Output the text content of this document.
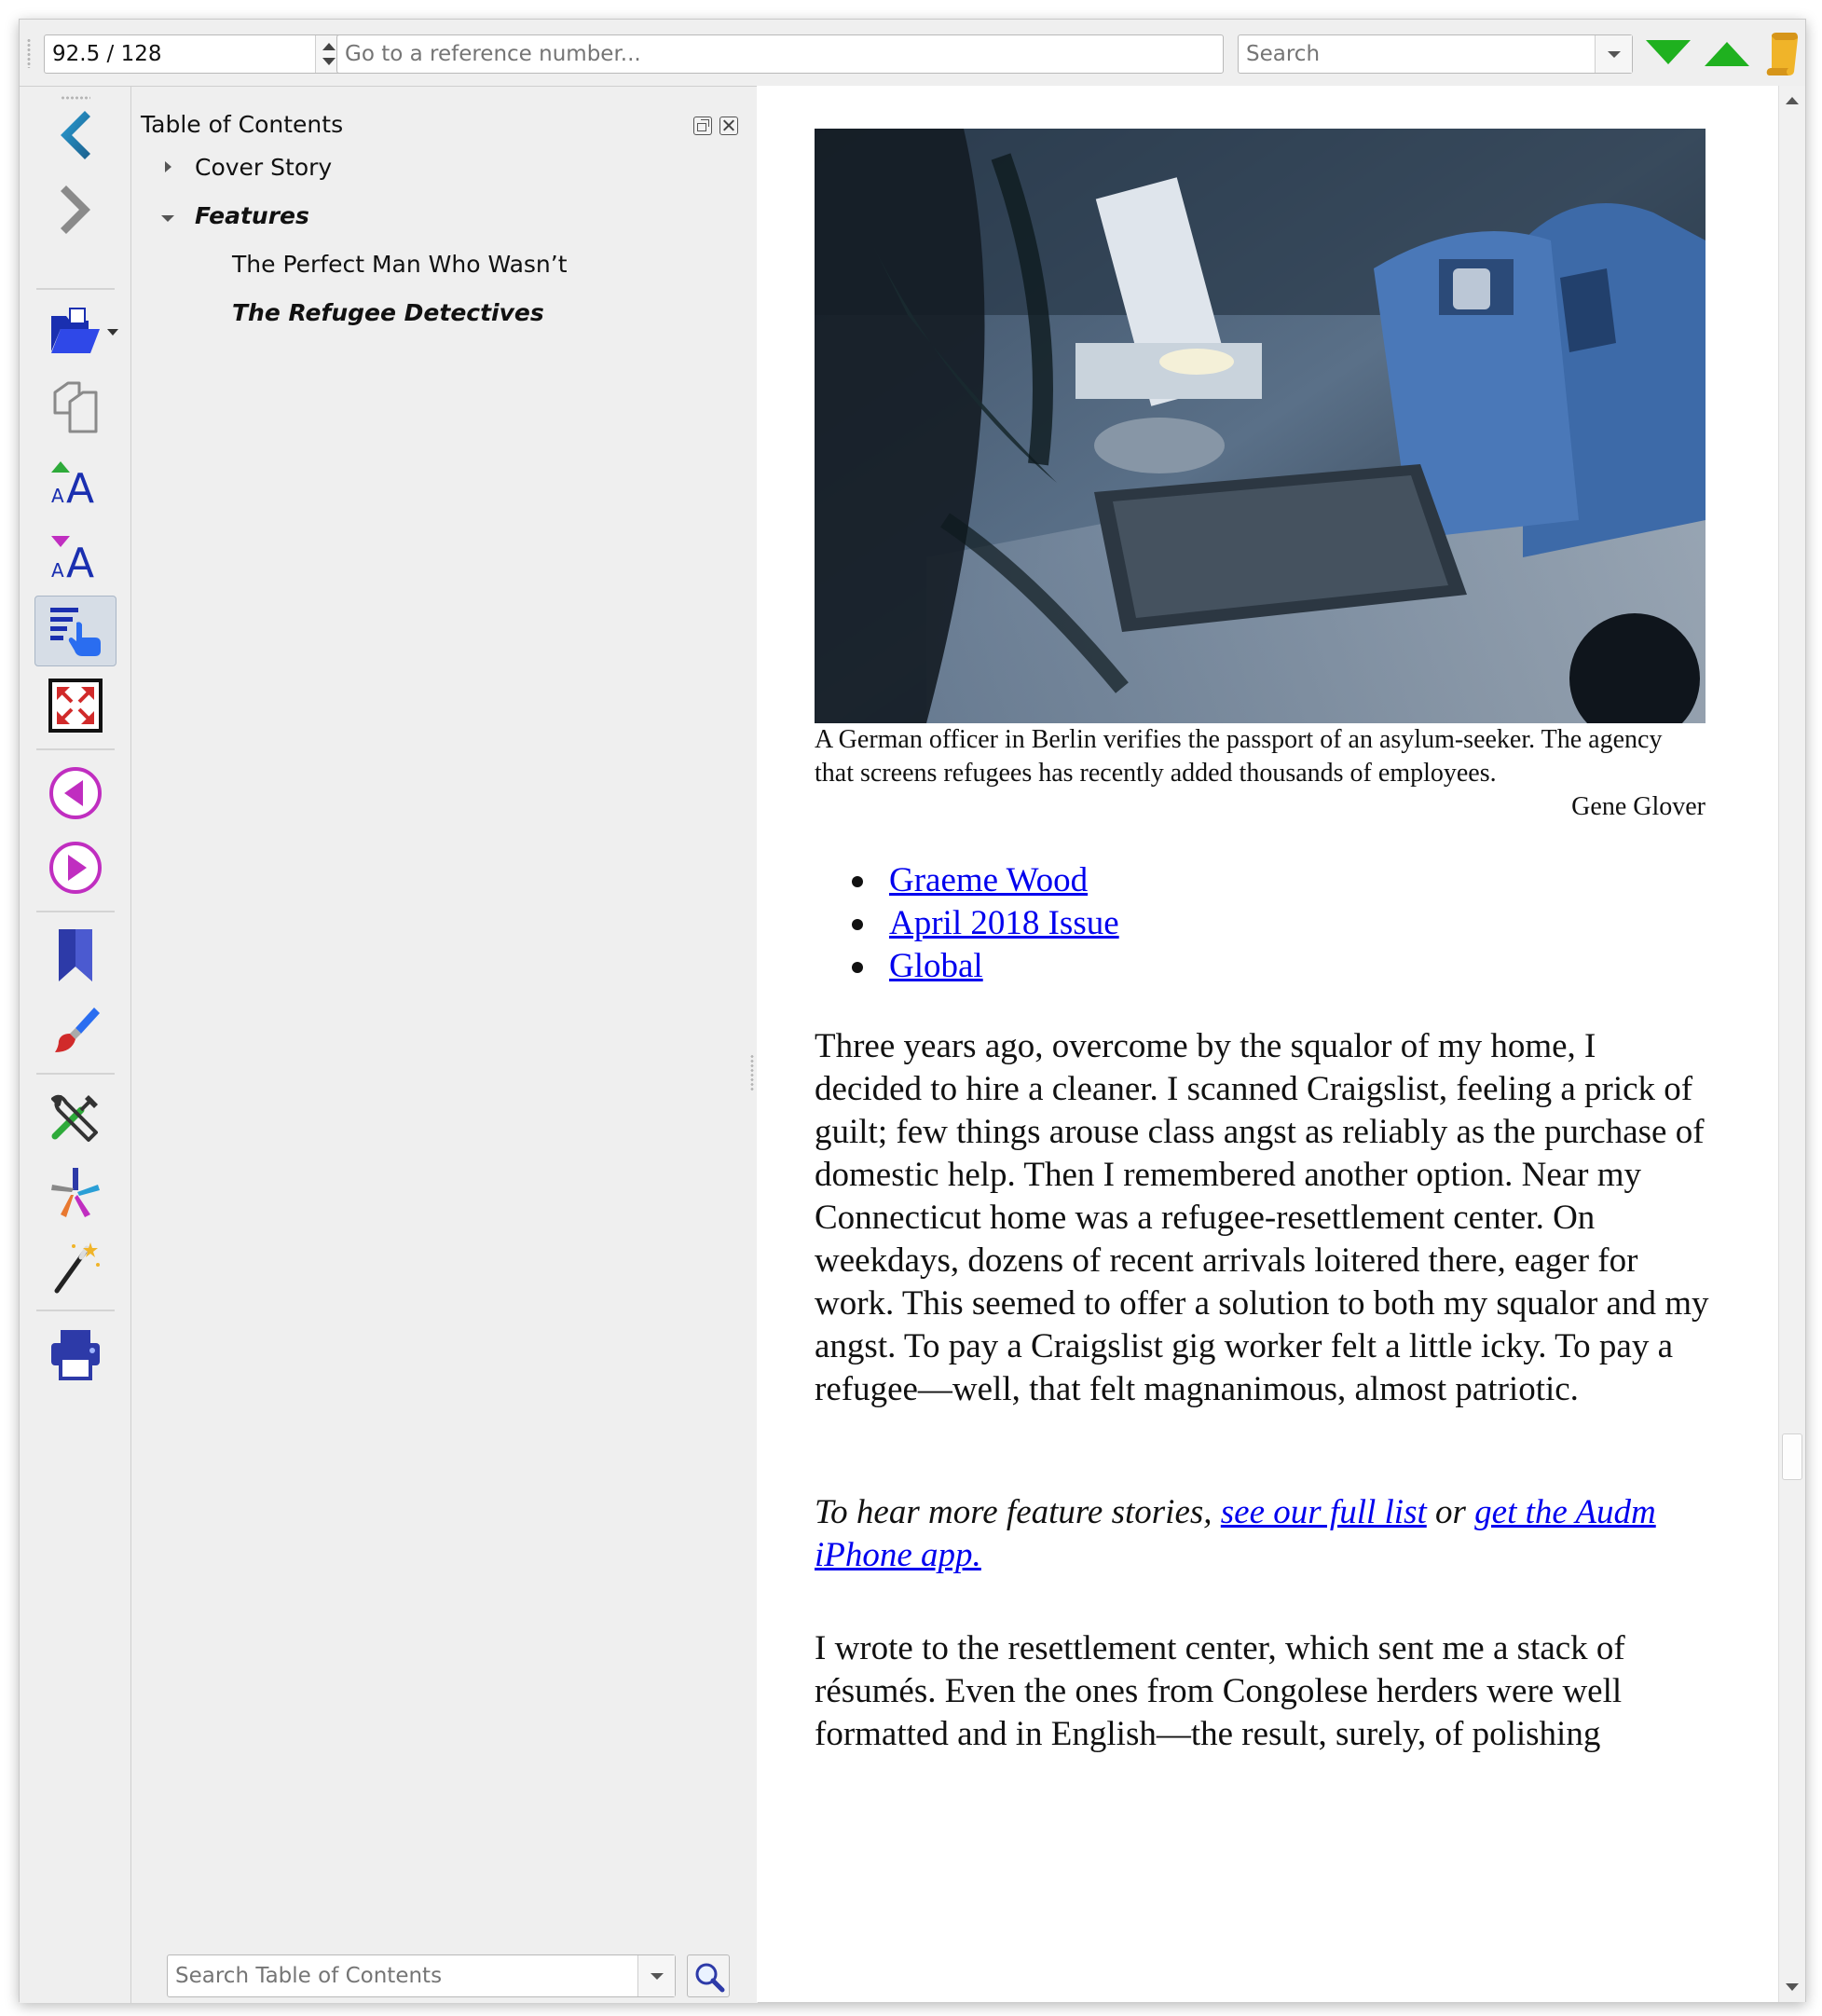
92.5 / 128
Go to a reference number...
Search
A A
A A
Table of Contents
Cover Story
Features
The Perfect Man Who Wasn’t
The Refugee Detectives
Search Table of Contents
A German officer in Berlin verifies the passport of an asylum-seeker. The agency that screens refugees has recently added thousands of employees.
Gene Glover
Graeme Wood
April 2018 Issue
Global
Three years ago, overcome by the squalor of my home, I decided to hire a cleaner. I scanned Craigslist, feeling a prick of guilt; few things arouse class angst as reliably as the purchase of domestic help. Then I remembered another option. Near my Connecticut home was a refugee-resettlement center. On weekdays, dozens of recent arrivals loitered there, eager for work. This seemed to offer a solution to both my squalor and my angst. To pay a Craigslist gig worker felt a little icky. To pay a refugee—well, that felt magnanimous, almost patriotic.
To hear more feature stories, see our full list or get the Audm iPhone app.
I wrote to the resettlement center, which sent me a stack of résumés. Even the ones from Congolese herders were well formatted and in English—the result, surely, of polishing
